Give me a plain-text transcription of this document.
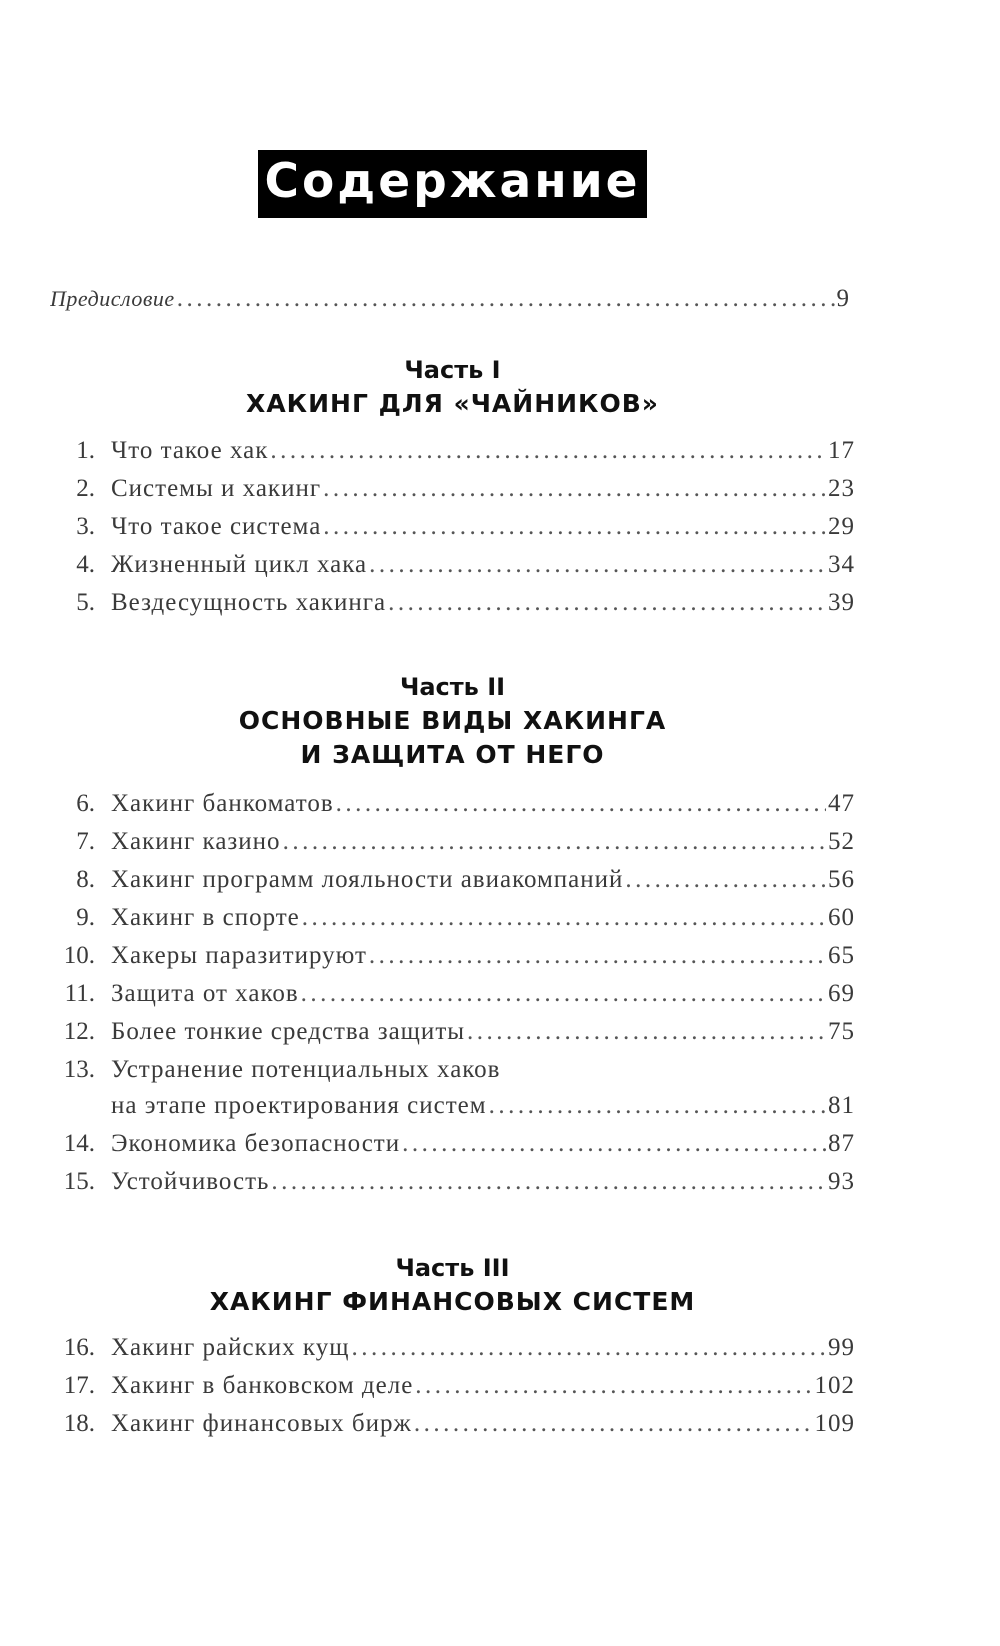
Содержание
Предисловие .....	9
Часть I
ХАКИНГ ДЛЯ «ЧАЙНИКОВ»
1. Что такое хак .....	17
2. Системы и хакинг .....	23
3. Что такое система .....	29
4. Жизненный цикл хака .....	34
5. Вездесущность хакинга .....	39
Часть II
ОСНОВНЫЕ ВИДЫ ХАКИНГА
И ЗАЩИТА ОТ НЕГО
6. Хакинг банкоматов .....	47
7. Хакинг казино .....	52
8. Хакинг программ лояльности авиакомпаний .....	56
9. Хакинг в спорте .....	60
10. Хакеры паразитируют .....	65
11. Защита от хаков .....	69
12. Более тонкие средства защиты .....	75
13. Устранение потенциальных хаков
на этапе проектирования систем .....	81
14. Экономика безопасности .....	87
15. Устойчивость .....	93
Часть III
ХАКИНГ ФИНАНСОВЫХ СИСТЕМ
16. Хакинг райских кущ .....	99
17. Хакинг в банковском деле .....	102
18. Хакинг финансовых бирж .....	109
